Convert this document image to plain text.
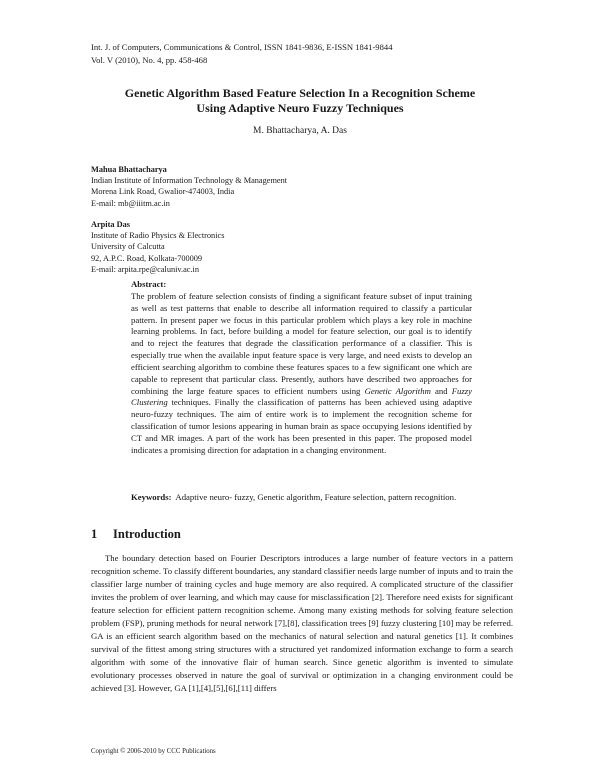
Int. J. of Computers, Communications & Control, ISSN 1841-9836, E-ISSN 1841-9844
Vol. V (2010), No. 4, pp. 458-468
Genetic Algorithm Based Feature Selection In a Recognition Scheme
Using Adaptive Neuro Fuzzy Techniques
M. Bhattacharya, A. Das
Mahua Bhattacharya
Indian Institute of Information Technology & Management
Morena Link Road, Gwalior-474003, India
E-mail: mb@iiitm.ac.in
Arpita Das
Institute of Radio Physics & Electronics
University of Calcutta
92, A.P.C. Road, Kolkata-700009
E-mail: arpita.rpe@caluniv.ac.in
Abstract:
The problem of feature selection consists of finding a significant feature subset of input training as well as test patterns that enable to describe all information required to classify a particular pattern. In present paper we focus in this particular problem which plays a key role in machine learning problems. In fact, before building a model for feature selection, our goal is to identify and to reject the features that degrade the classification performance of a classifier. This is especially true when the available input feature space is very large, and need exists to develop an efficient searching algorithm to combine these features spaces to a few significant one which are capable to represent that particular class. Presently, authors have described two approaches for combining the large feature spaces to efficient numbers using Genetic Algorithm and Fuzzy Clustering techniques. Finally the classification of patterns has been achieved using adaptive neuro-fuzzy techniques. The aim of entire work is to implement the recognition scheme for classification of tumor lesions appearing in human brain as space occupying lesions identified by CT and MR images. A part of the work has been presented in this paper. The proposed model indicates a promising direction for adaptation in a changing environment.
Keywords: Adaptive neuro- fuzzy, Genetic algorithm, Feature selection, pattern recognition.
1 Introduction
The boundary detection based on Fourier Descriptors introduces a large number of feature vectors in a pattern recognition scheme. To classify different boundaries, any standard classifier needs large number of inputs and to train the classifier large number of training cycles and huge memory are also required. A complicated structure of the classifier invites the problem of over learning, and which may cause for misclassification [2]. Therefore need exists for significant feature selection for efficient pattern recognition scheme. Among many existing methods for solving feature selection problem (FSP), pruning methods for neural network [7],[8], classification trees [9] fuzzy clustering [10] may be referred. GA is an efficient search algorithm based on the mechanics of natural selection and natural genetics [1]. It combines survival of the fittest among string structures with a structured yet randomized information exchange to form a search algorithm with some of the innovative flair of human search. Since genetic algorithm is invented to simulate evolutionary processes observed in nature the goal of survival or optimization in a changing environment could be achieved [3]. However, GA [1],[4],[5],[6],[11] differs
Copyright © 2006-2010 by CCC Publications
